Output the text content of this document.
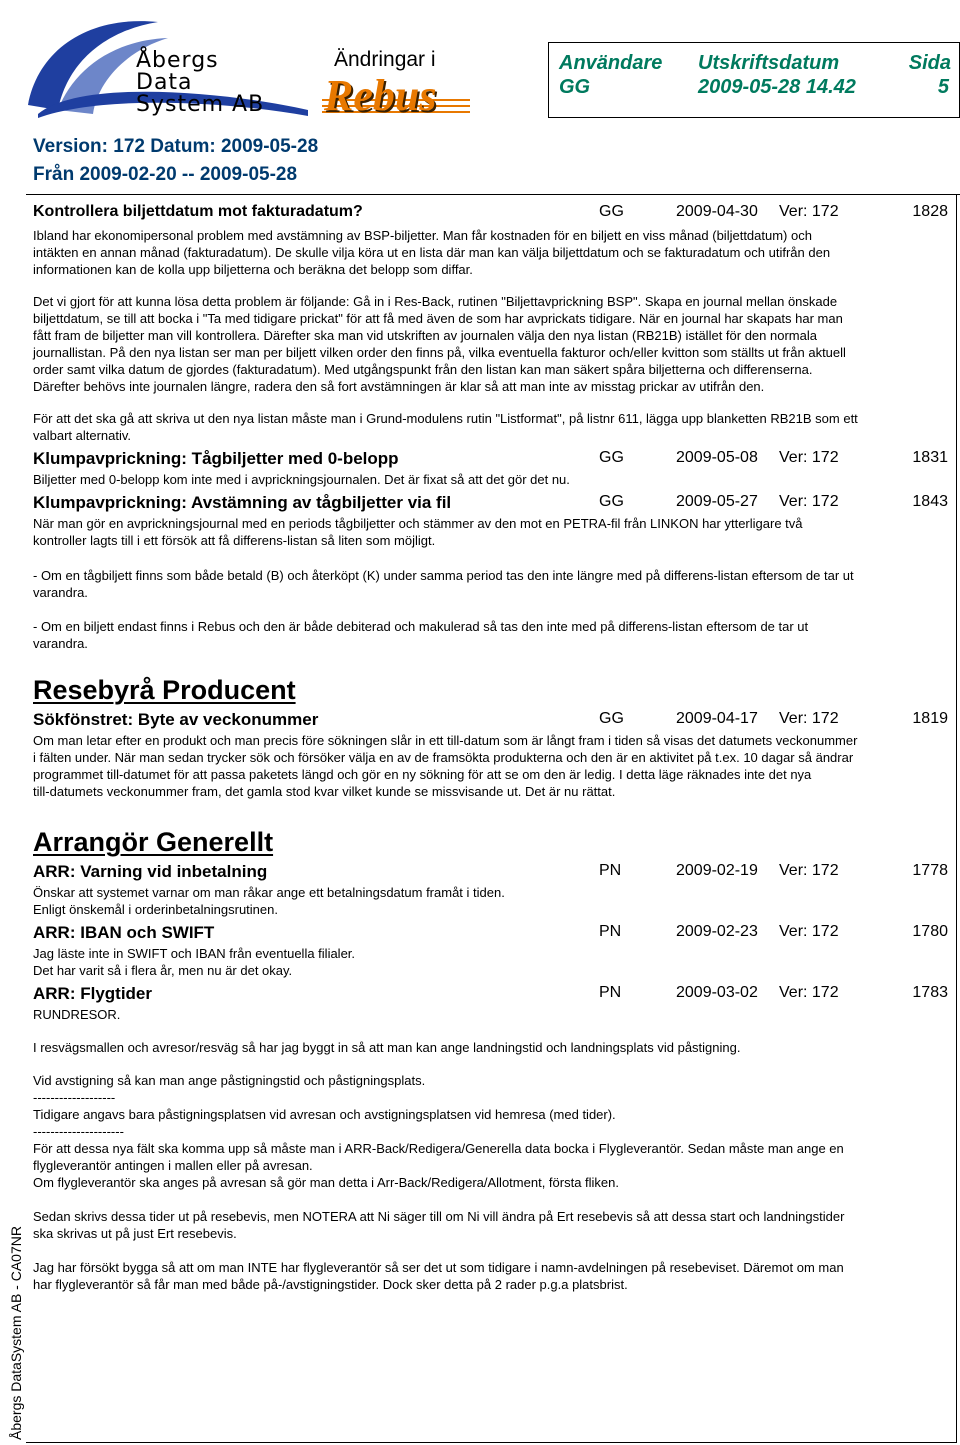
Åbergs
Data
System AB
Ändringar i
Rebus
Användare
GG
Utskriftsdatum
2009-05-28 14.42
Sida
5
Version: 172 Datum: 2009-05-28
Från 2009-02-20 -- 2009-05-28
Åbergs DataSystem AB - CA07NR
Kontrollera biljettdatum mot fakturadatum?	GG	2009-04-30 Ver: 172	1828

Ibland har ekonomipersonal problem med avstämning av BSP-biljetter. Man får kostnaden för en biljett en viss månad (biljettdatum) och
intäkten en annan månad (fakturadatum). De skulle vilja köra ut en lista där man kan välja biljettdatum och se fakturadatum och utifrån den
informationen kan de kolla upp biljetterna och beräkna det belopp som diffar.

Det vi gjort för att kunna lösa detta problem är följande: Gå in i Res-Back, rutinen "Biljettavprickning BSP". Skapa en journal mellan önskade
biljettdatum, se till att bocka i "Ta med tidigare prickat" för att få med även de som har avprickats tidigare. När en journal har skapats har man
fått fram de biljetter man vill kontrollera. Därefter ska man vid utskriften av journalen välja den nya listan (RB21B) istället för den normala
journallistan. På den nya listan ser man per biljett vilken order den finns på, vilka eventuella fakturor och/eller kvitton som ställts ut från aktuell
order samt vilka datum de gjordes (fakturadatum). Med utgångspunkt från den listan kan man säkert spåra biljetterna och differenserna.
Därefter behövs inte journalen längre, radera den så fort avstämningen är klar så att man inte av misstag prickar av utifrån den.

För att det ska gå att skriva ut den nya listan måste man i Grund-modulens rutin "Listformat", på listnr 611, lägga upp blanketten RB21B som ett
valbart alternativ.

Klumpavprickning: Tågbiljetter med 0-belopp	GG	2009-05-08 Ver: 172	1831

Biljetter med 0-belopp kom inte med i avprickningsjournalen. Det är fixat så att det gör det nu.

Klumpavprickning: Avstämning av tågbiljetter via fil	GG	2009-05-27 Ver: 172	1843

När man gör en avprickningsjournal med en periods tågbiljetter och stämmer av den mot en PETRA-fil från LINKON har ytterligare två
kontroller lagts till i ett försök att få differens-listan så liten som möjligt.

- Om en tågbiljett finns som både betald (B) och återköpt (K) under samma period tas den inte längre med på differens-listan eftersom de tar ut
varandra.

- Om en biljett endast finns i Rebus och den är både debiterad och makulerad så tas den inte med på differens-listan eftersom de tar ut
varandra.

Resebyrå Producent
Sökfönstret: Byte av veckonummer	GG	2009-04-17 Ver: 172	1819

Om man letar efter en produkt och man precis före sökningen slår in ett till-datum som är långt fram i tiden så visas det datumets veckonummer
i fälten under. När man sedan trycker sök och försöker välja en av de framsökta produkterna och den är en aktivitet på t.ex. 10 dagar så ändrar
programmet till-datumet för att passa paketets längd och gör en ny sökning för att se om den är ledig. I detta läge räknades inte det nya
till-datumets veckonummer fram, det gamla stod kvar vilket kunde se missvisande ut. Det är nu rättat.

Arrangör Generellt
ARR: Varning vid inbetalning	PN	2009-02-19 Ver: 172	1778

Önskar att systemet varnar om man råkar ange ett betalningsdatum framåt i tiden.
Enligt önskemål i orderinbetalningsrutinen.

ARR: IBAN och SWIFT	PN	2009-02-23 Ver: 172	1780

Jag läste inte in SWIFT och IBAN från eventuella filialer.
Det har varit så i flera år, men nu är det okay.

ARR: Flygtider	PN	2009-03-02 Ver: 172	1783

RUNDRESOR.

I resvägsmallen och avresor/resväg så har jag byggt in så att man kan ange landningstid och landningsplats vid påstigning.

Vid avstigning så kan man ange påstigningstid och påstigningsplats.
-------------------
Tidigare angavs bara påstigningsplatsen vid avresan och avstigningsplatsen vid hemresa (med tider).
---------------------
För att dessa nya fält ska komma upp så måste man i ARR-Back/Redigera/Generella data bocka i Flygleverantör. Sedan måste man ange en
flygleverantör antingen i mallen eller på avresan.
Om flygleverantör ska anges på avresan så gör man detta i Arr-Back/Redigera/Allotment, första fliken.

Sedan skrivs dessa tider ut på resebevis, men NOTERA att Ni säger till om Ni vill ändra på Ert resebevis så att dessa start och landningstider
ska skrivas ut på just Ert resebevis.

Jag har försökt bygga så att om man INTE har flygleverantör så ser det ut som tidigare i namn-avdelningen på resebeviset. Däremot om man
har flygleverantör så får man med både på-/avstigningstider. Dock sker detta på 2 rader p.g.a platsbrist.
